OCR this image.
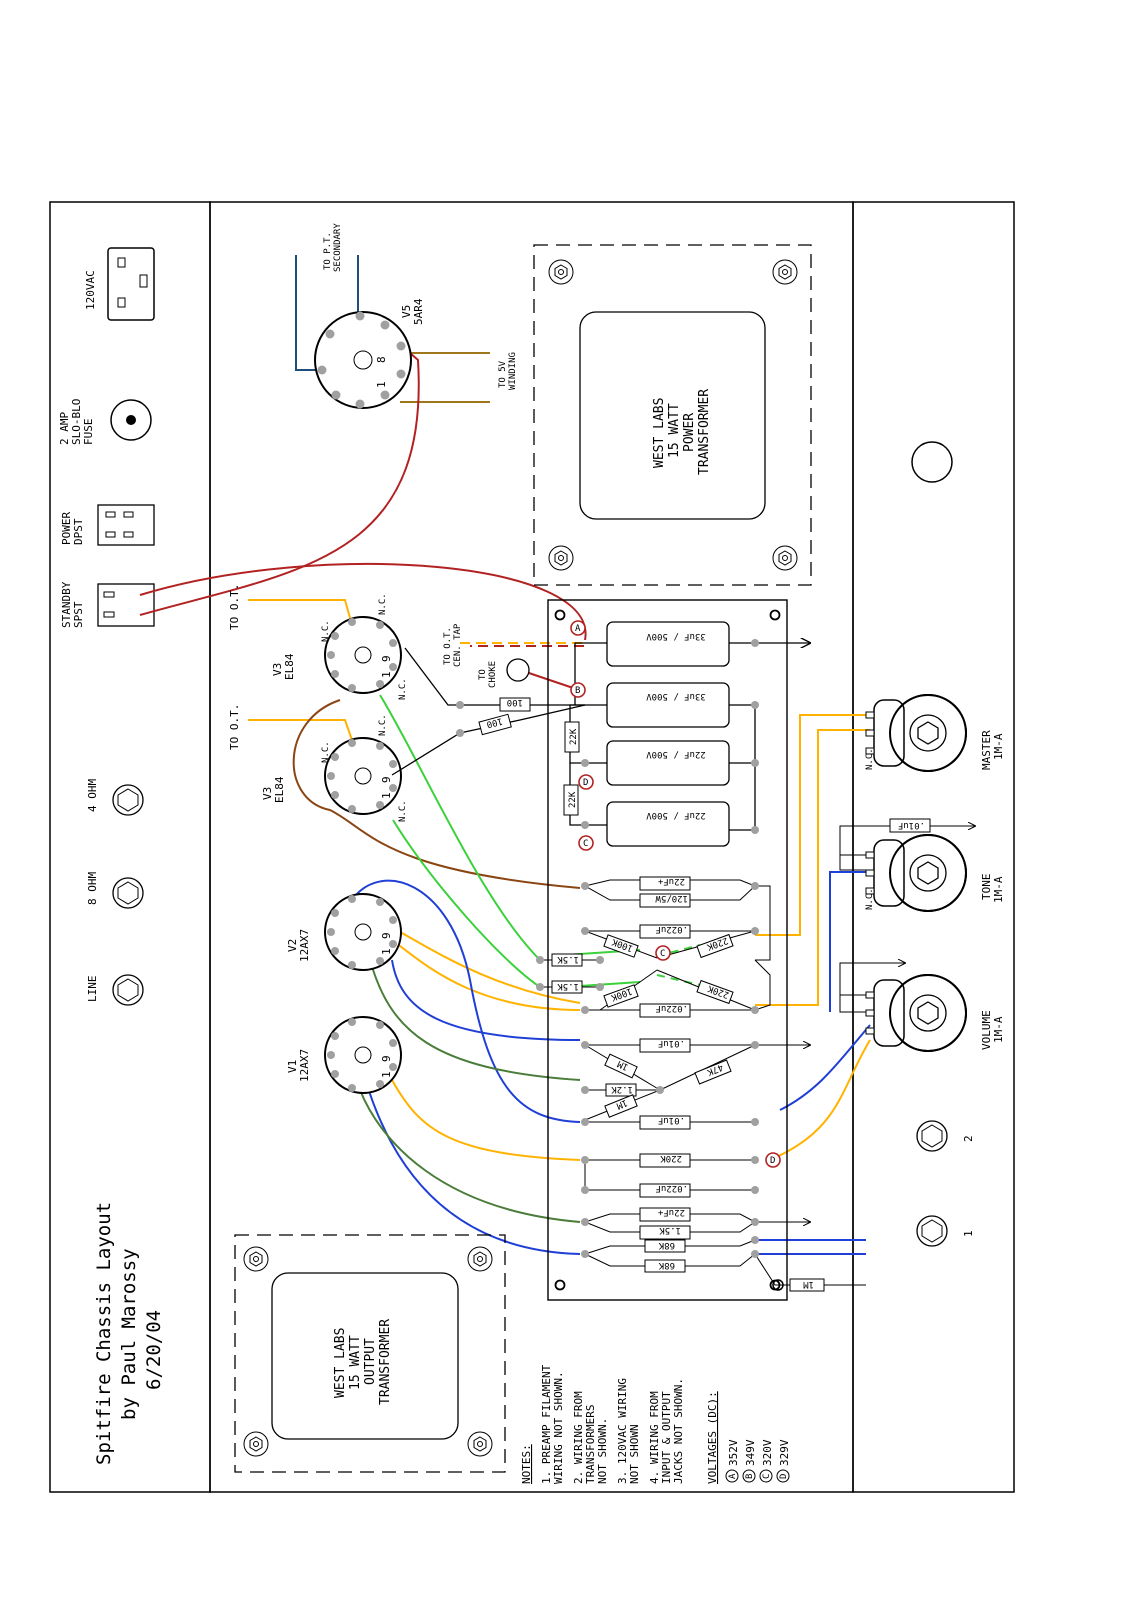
120VAC
2 AMP SLO-BLO FUSE
POWER DPST
STANDBY SPST
4 OHM
8 OHM
LINE
Spitfire Chassis Layout by Paul Marossy 6/20/04
WEST LABS 15 WATT POWER TRANSFORMER
WEST LABS 15 WATT OUTPUT TRANSFORMER
8
1
V5 5AR4
9
1
N.C.
N.C.
N.C.
V3 EL84
9
1
N.C.
N.C.
N.C.
V3 EL84
9
1
V2 12AX7
9
1
V1 12AX7
TO P.T. SECONDARY
TO 5V WINDING
TO O.T.
TO O.T.
TO O.T. CEN. TAP
TO CHOKE
33uF / 500V
33uF / 500V
22uF / 500V
22uF / 500V
22K
22K
100
100
22uF+
120/5W
.022uF
100K	220K
1.5K
1.5K	100K	220K
.022uF
.01uF
1M	47K
1.2K
1M
.01uF
220K
.022uF
22uF+
1.5K
68K
68K
1M
A
B
C
D
C
D
N.C.	MASTER 1M-A
N.C.	TONE 1M-A
.01uF
VOLUME 1M-A
2
1
NOTES: 1. PREAMP FILAMENT WIRING NOT SHOWN. 2. WIRING FROM TRANSFORMERS NOT SHOWN. 3. 120VAC WIRING NOT SHOWN 4. WIRING FROM INPUT & OUTPUT JACKS NOT SHOWN. VOLTAGES (DC): A
352V
B
349V
C
320V
D
329V
